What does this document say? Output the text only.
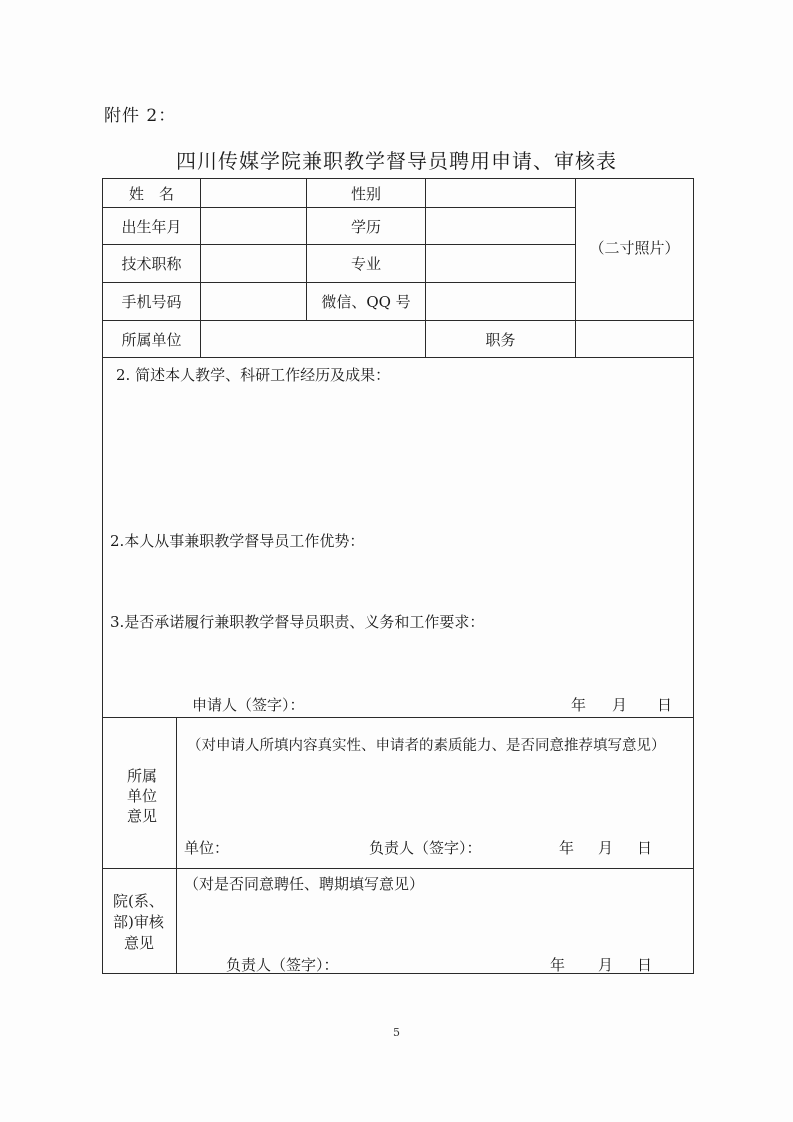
附件 2：
四川传媒学院兼职教学督导员聘用申请、审核表
姓　名	性别
出生年月	学历
技术职称	专业
手机号码	微信、QQ 号
（二寸照片）
所属单位	职务
2. 简述本人教学、科研工作经历及成果：
2.本人从事兼职教学督导员工作优势：
3.是否承诺履行兼职教学督导员职责、义务和工作要求：
申请人（签字）：	年 月 日
所属
单位
意见
（对申请人所填内容真实性、申请者的素质能力、是否同意推荐填写意见）
单位：	负责人（签字）：	年 月 日
院(系、
部)审核
意见
（对是否同意聘任、聘期填写意见）
负责人（签字）：	年 月 日
5
